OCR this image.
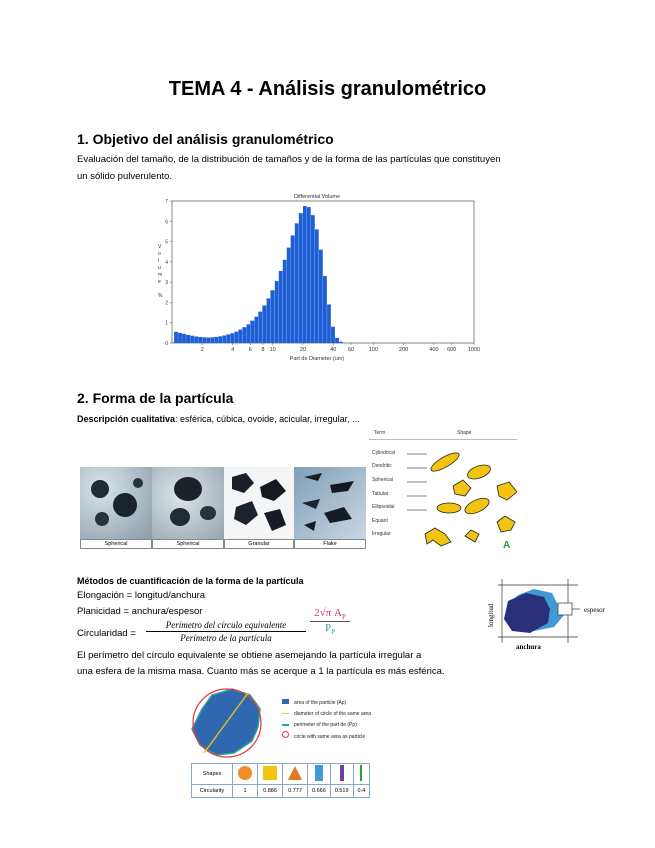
TEMA 4 - Análisis granulométrico
1. Objetivo del análisis granulométrico
Evaluación del tamaño, de la distribución de tamaños y de la forma de las partículas que constituyen
un sólido pulverulento.
Differential Volume
2	4	6 8 10	20	40 60	100	200	400 600 1000
0
1
2
3
4
5
6
7
Part de Diameter (um)
V o l u m e %
2. Forma de la partícula
Descripción cualitativa: esférica, cúbica, ovoide, acicular, irregular, ...
Term	Shape
Cylindrical
Dendritic
Spherical
Tabular
Ellipsoidal
Equant
Irregular
A
Spherical	Spherical	Granular	Flake
Métodos de cuantificación de la forma de la partícula
Elongación = longitud/anchura
Planicidad = anchura/espesor
Circularidad =
Perímetro del círculo equivalente
Perímetro de la partícula
$\frac{2√\pi A_P}{P_P}$	espesor
anchura
longitud
El perímetro del círculo equivalente se obtiene asemejando la partícula irregular a
una esfera de la misma masa. Cuanto más se acerque a 1 la partícula es más esférica.
area of the particle (Ap)
diameter of circle of the same area
perimeter of the part de (Pp)
circle with same area as particle
Shapes						
Circularity	1	0.886	0.777	0.666	0.519	0.4
